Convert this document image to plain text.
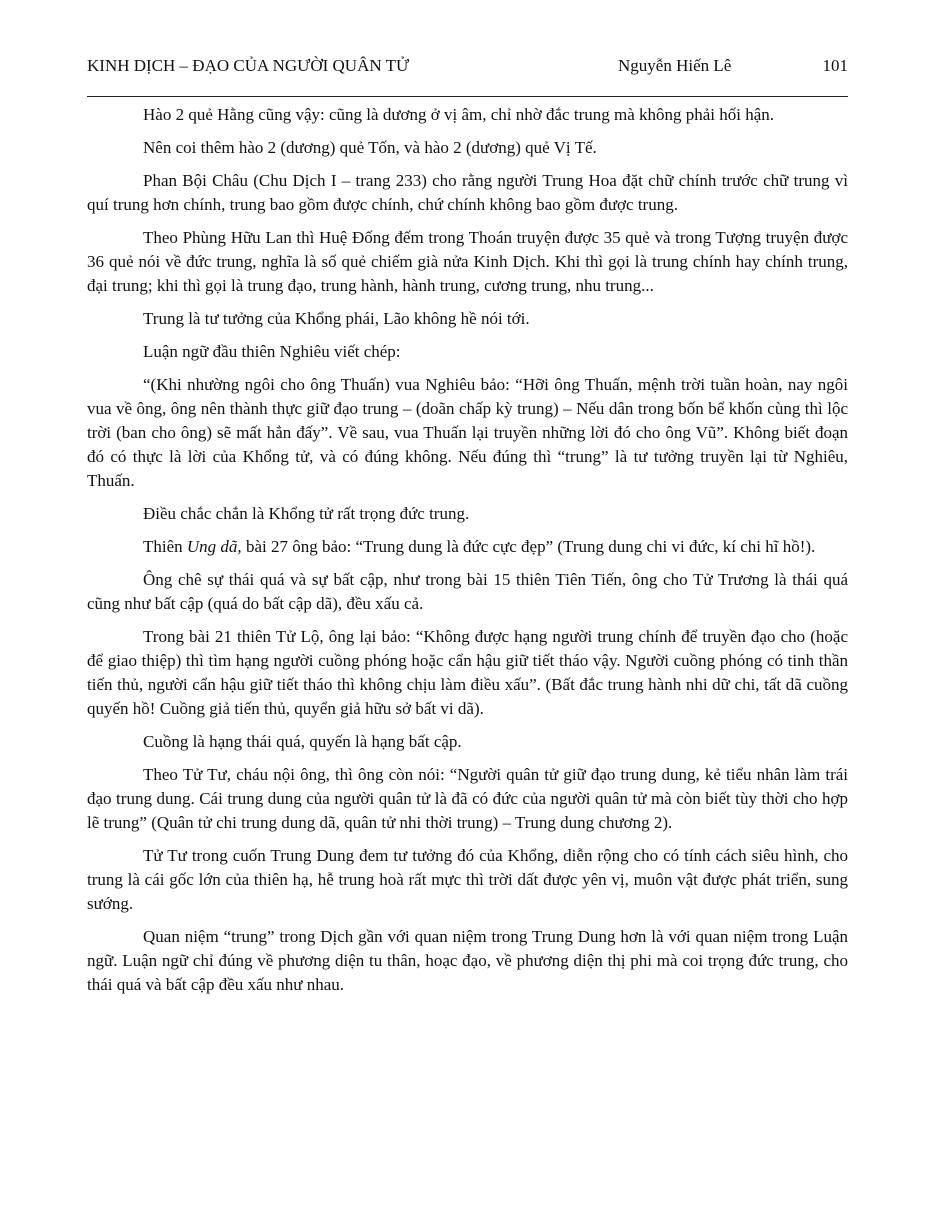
KINH DỊCH – ĐẠO CỦA NGƯỜI QUÂN TỬ	Nguyễn Hiến Lê	101

Hào 2 quẻ Hằng cũng vậy: cũng là dương ở vị âm, chỉ nhờ đắc trung mà không phải hối hận.

Nên coi thêm hào 2 (dương) quẻ Tốn, và hào 2 (dương) quẻ Vị Tế.

Phan Bội Châu (Chu Dịch I – trang 233) cho rằng người Trung Hoa đặt chữ chính trước chữ trung vì quí trung hơn chính, trung bao gồm được chính, chứ chính không bao gồm được trung.

Theo Phùng Hữu Lan thì Huệ Đống đếm trong Thoán truyện được 35 quẻ và trong Tượng truyện được 36 quẻ nói về đức trung, nghĩa là số quẻ chiếm già nửa Kinh Dịch. Khi thì gọi là trung chính hay chính trung, đại trung; khi thì gọi là trung đạo, trung hành, hành trung, cương trung, nhu trung...

Trung là tư tưởng của Khổng phái, Lão không hề nói tới.

Luận ngữ đầu thiên Nghiêu viết chép:

“(Khi nhường ngôi cho ông Thuấn) vua Nghiêu bảo: “Hỡi ông Thuấn, mệnh trời tuần hoàn, nay ngôi vua về ông, ông nên thành thực giữ đạo trung – (doãn chấp kỳ trung) – Nếu dân trong bốn bể khốn cùng thì lộc trời (ban cho ông) sẽ mất hẳn đấy”. Về sau, vua Thuấn lại truyền những lời đó cho ông Vũ”. Không biết đoạn đó có thực là lời của Khổng tử, và có đúng không. Nếu đúng thì “trung” là tư tưởng truyền lại từ Nghiêu, Thuấn.

Điều chắc chắn là Khổng tử rất trọng đức trung.

Thiên Ung dã, bài 27 ông bảo: “Trung dung là đức cực đẹp” (Trung dung chi vi đức, kí chi hĩ hồ!).

Ông chê sự thái quá và sự bất cập, như trong bài 15 thiên Tiên Tiến, ông cho Tử Trương là thái quá cũng như bất cập (quá do bất cập dã), đều xấu cả.

Trong bài 21 thiên Tử Lộ, ông lại bảo: “Không được hạng người trung chính để truyền đạo cho (hoặc để giao thiệp) thì tìm hạng người cuồng phóng hoặc cẩn hậu giữ tiết tháo vậy. Người cuồng phóng có tinh thần tiến thủ, người cẩn hậu giữ tiết tháo thì không chịu làm điều xấu”. (Bất đắc trung hành nhi dữ chi, tất dã cuồng quyến hồ! Cuồng giả tiến thủ, quyển giả hữu sở bất vi dã).

Cuồng là hạng thái quá, quyến là hạng bất cập.

Theo Tử Tư, cháu nội ông, thì ông còn nói: “Người quân tử giữ đạo trung dung, kẻ tiểu nhân làm trái đạo trung dung. Cái trung dung của người quân tử là đã có đức của người quân tử mà còn biết tùy thời cho hợp lẽ trung” (Quân tử chi trung dung dã, quân tử nhi thời trung) – Trung dung chương 2).

Tử Tư trong cuốn Trung Dung đem tư tưởng đó của Khổng, diễn rộng cho có tính cách siêu hình, cho trung là cái gốc lớn của thiên hạ, hễ trung hoà rất mực thì trời dất được yên vị, muôn vật được phát triển, sung sướng.

Quan niệm “trung” trong Dịch gần với quan niệm trong Trung Dung hơn là với quan niệm trong Luận ngữ. Luận ngữ chỉ đúng về phương diện tu thân, hoạc đạo, về phương diện thị phi mà coi trọng đức trung, cho thái quá và bất cập đều xấu như nhau.
